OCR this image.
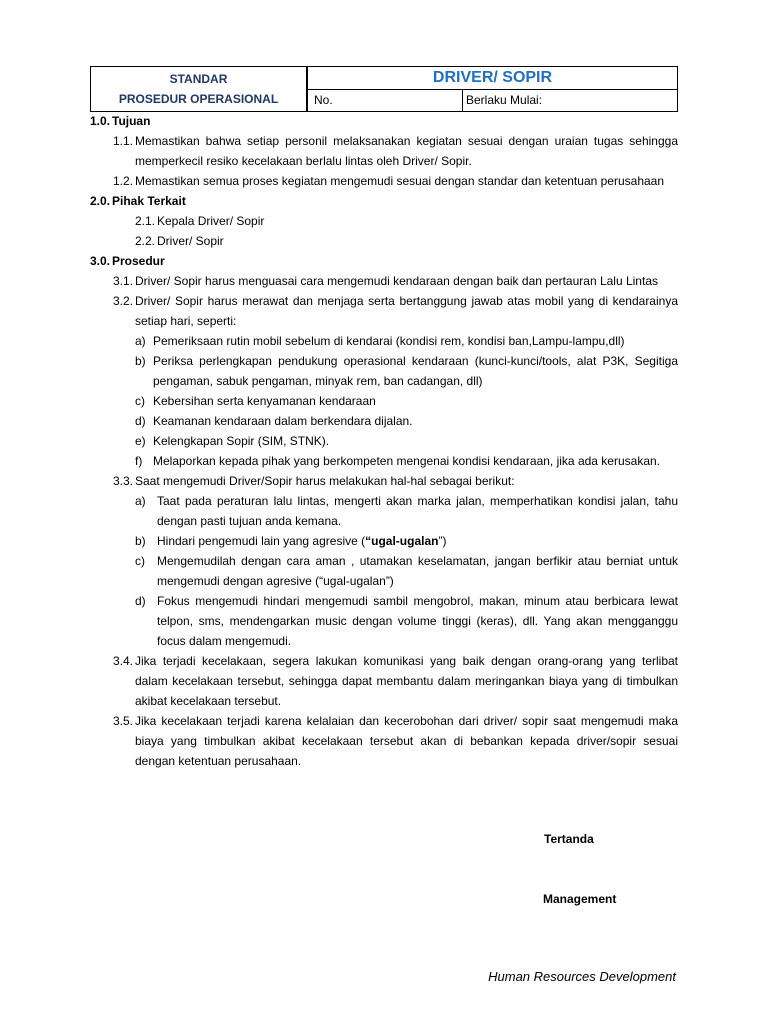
STANDAR
PROSEDUR OPERASIONAL
DRIVER/ SOPIR
No.	Berlaku Mulai:
1.0. Tujuan
1.1. Memastikan bahwa setiap personil melaksanakan kegiatan sesuai dengan uraian tugas sehingga memperkecil resiko kecelakaan berlalu lintas oleh Driver/ Sopir.
1.2. Memastikan semua proses kegiatan mengemudi sesuai dengan standar dan ketentuan perusahaan
2.0. Pihak Terkait
2.1. Kepala Driver/ Sopir
2.2. Driver/ Sopir
3.0. Prosedur
3.1. Driver/ Sopir harus menguasai cara mengemudi kendaraan dengan baik dan pertauran Lalu Lintas
3.2. Driver/ Sopir harus merawat dan menjaga serta bertanggung jawab atas mobil yang di kendarainya setiap hari, seperti:
a) Pemeriksaan rutin mobil sebelum di kendarai (kondisi rem, kondisi ban,Lampu-lampu,dll)
b) Periksa perlengkapan pendukung operasional kendaraan (kunci-kunci/tools, alat P3K, Segitiga pengaman, sabuk pengaman, minyak rem, ban cadangan, dll)
c) Kebersihan serta kenyamanan kendaraan
d) Keamanan kendaraan dalam berkendara dijalan.
e) Kelengkapan Sopir (SIM, STNK).
f) Melaporkan kepada pihak yang berkompeten mengenai kondisi kendaraan, jika ada kerusakan.
3.3. Saat mengemudi Driver/Sopir harus melakukan hal-hal sebagai berikut:
a) Taat pada peraturan lalu lintas, mengerti akan marka jalan, memperhatikan kondisi jalan, tahu dengan pasti tujuan anda kemana.
b) Hindari pengemudi lain yang agresive (“ugal-ugalan”)
c)	Mengemudilah dengan cara aman , utamakan keselamatan, jangan berfikir atau berniat untuk mengemudi dengan agresive (“ugal-ugalan”)
d) Fokus mengemudi hindari mengemudi sambil mengobrol, makan, minum atau berbicara lewat telpon, sms, mendengarkan music dengan volume tinggi (keras), dll. Yang akan mengganggu focus dalam mengemudi.
3.4. Jika terjadi kecelakaan, segera lakukan komunikasi yang baik dengan orang-orang yang terlibat dalam kecelakaan tersebut, sehingga dapat membantu dalam meringankan biaya yang di timbulkan akibat kecelakaan tersebut.
3.5. Jika kecelakaan terjadi karena kelalaian dan kecerobohan dari driver/ sopir saat mengemudi maka biaya yang timbulkan akibat kecelakaan tersebut akan di bebankan kepada driver/sopir sesuai dengan ketentuan perusahaan.
Tertanda
Management
Human Resources Development
